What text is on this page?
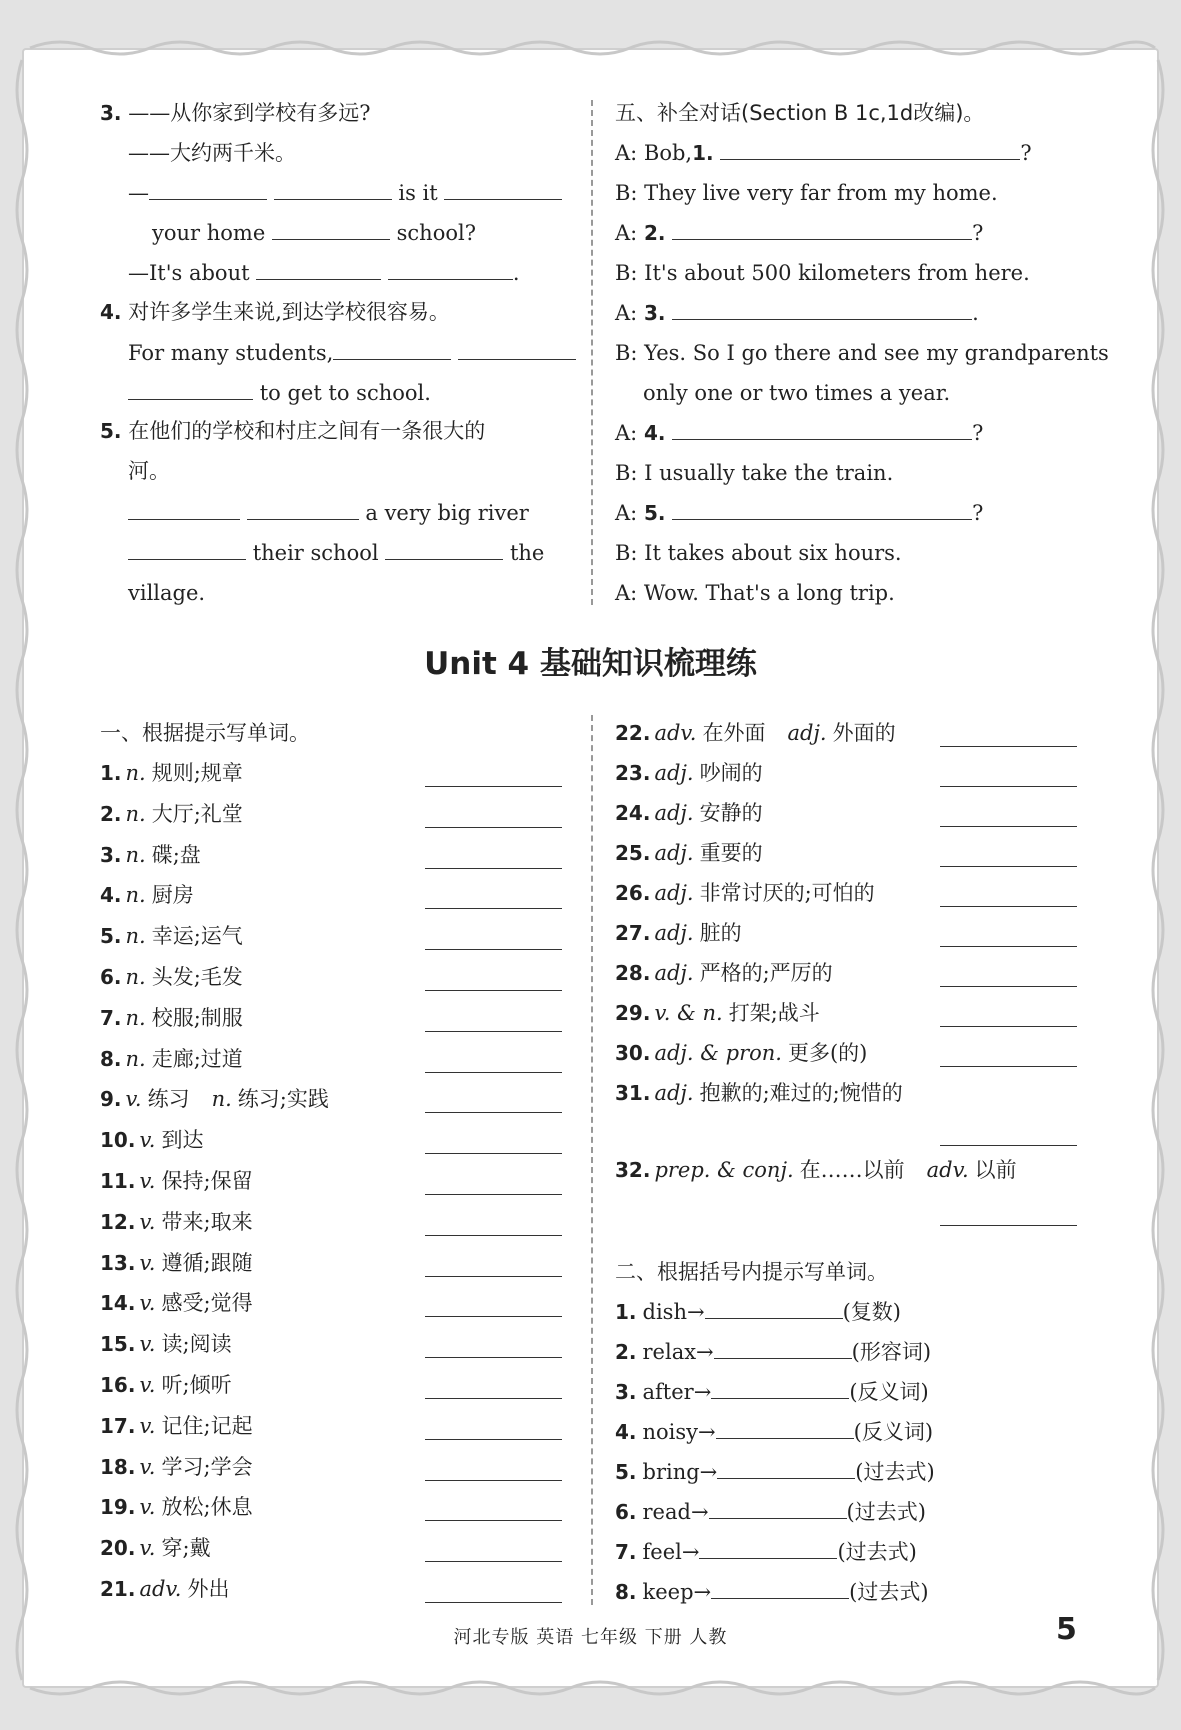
3. ——从你家到学校有多远?
——大约两千米。
—	is it
your home	school?
—It's about	.
4. 对许多学生来说,到达学校很容易。
For many students,
to get to school.
5. 在他们的学校和村庄之间有一条很大的
河。
a very big river
their school	the
village.
五、补全对话(Section B 1c,1d改编)。
A: Bob,1.	?
B: They live very far from my home.
A: 2.	?
B: It's about 500 kilometers from here.
A: 3.	.
B: Yes. So I go there and see my grandparents
only one or two times a year.
A: 4.	?
B: I usually take the train.
A: 5.	?
B: It takes about six hours.
A: Wow. That's a long trip.
Unit 4 基础知识梳理练
一、根据提示写单词。
1. n. 规则;规章
2. n. 大厅;礼堂
3. n. 碟;盘
4. n. 厨房
5. n. 幸运;运气
6. n. 头发;毛发
7. n. 校服;制服
8. n. 走廊;过道
9. v. 练习 n. 练习;实践
10. v. 到达
11. v. 保持;保留
12. v. 带来;取来
13. v. 遵循;跟随
14. v. 感受;觉得
15. v. 读;阅读
16. v. 听;倾听
17. v. 记住;记起
18. v. 学习;学会
19. v. 放松;休息
20. v. 穿;戴
21. adv. 外出
22. adv. 在外面 adj. 外面的
23. adj. 吵闹的
24. adj. 安静的
25. adj. 重要的
26. adj. 非常讨厌的;可怕的
27. adj. 脏的
28. adj. 严格的;严厉的
29. v. & n. 打架;战斗
30. adj. & pron. 更多(的)
31. adj. 抱歉的;难过的;惋惜的
32. prep. & conj. 在……以前 adv. 以前
二、根据括号内提示写单词。
1. dish→	(复数)
2. relax→	(形容词)
3. after→	(反义词)
4. noisy→	(反义词)
5. bring→	(过去式)
6. read→	(过去式)
7. feel→	(过去式)
8. keep→	(过去式)
河北专版 英语 七年级 下册 人教	5
